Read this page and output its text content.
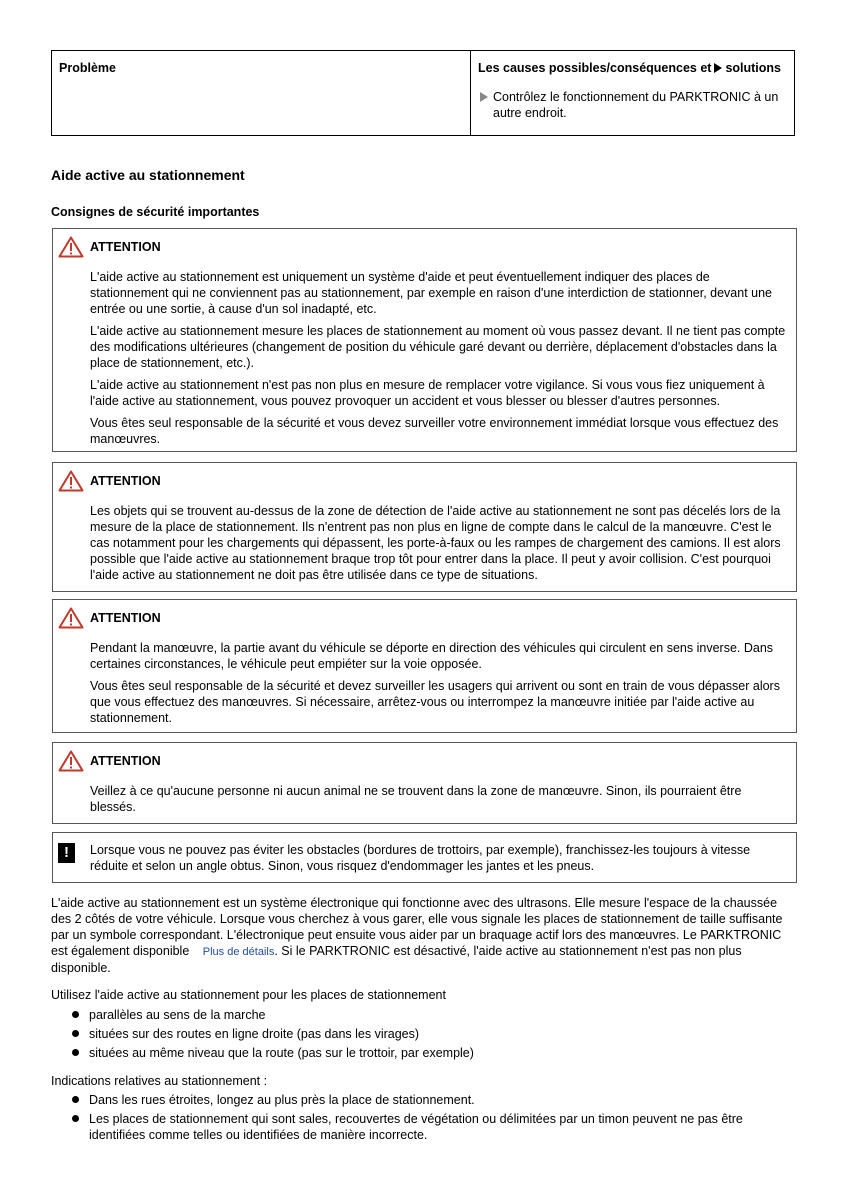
Problème	Les causes possibles/conséquences et solutions
Contrôlez le fonctionnement du PARKTRONIC à un autre endroit.
Aide active au stationnement
Consignes de sécurité importantes
ATTENTION

L'aide active au stationnement est uniquement un système d'aide et peut éventuellement indiquer des places de stationnement qui ne conviennent pas au stationnement, par exemple en raison d'une interdiction de stationner, devant une entrée ou une sortie, à cause d'un sol inadapté, etc.

L'aide active au stationnement mesure les places de stationnement au moment où vous passez devant. Il ne tient pas compte des modifications ultérieures (changement de position du véhicule garé devant ou derrière, déplacement d'obstacles dans la place de stationnement, etc.).

L'aide active au stationnement n'est pas non plus en mesure de remplacer votre vigilance. Si vous vous fiez uniquement à l'aide active au stationnement, vous pouvez provoquer un accident et vous blesser ou blesser d'autres personnes.

Vous êtes seul responsable de la sécurité et vous devez surveiller votre environnement immédiat lorsque vous effectuez des manœuvres.

ATTENTION

Les objets qui se trouvent au-dessus de la zone de détection de l'aide active au stationnement ne sont pas décelés lors de la mesure de la place de stationnement. Ils n'entrent pas non plus en ligne de compte dans le calcul de la manœuvre. C'est le cas notamment pour les chargements qui dépassent, les porte-à-faux ou les rampes de chargement des camions. Il est alors possible que l'aide active au stationnement braque trop tôt pour entrer dans la place. Il peut y avoir collision. C'est pourquoi l'aide active au stationnement ne doit pas être utilisée dans ce type de situations.

ATTENTION

Pendant la manœuvre, la partie avant du véhicule se déporte en direction des véhicules qui circulent en sens inverse. Dans certaines circonstances, le véhicule peut empiéter sur la voie opposée.

Vous êtes seul responsable de la sécurité et devez surveiller les usagers qui arrivent ou sont en train de vous dépasser alors que vous effectuez des manœuvres. Si nécessaire, arrêtez-vous ou interrompez la manœuvre initiée par l'aide active au stationnement.

ATTENTION

Veillez à ce qu'aucune personne ni aucun animal ne se trouvent dans la zone de manœuvre. Sinon, ils pourraient être blessés.

!	Lorsque vous ne pouvez pas éviter les obstacles (bordures de trottoirs, par exemple), franchissez-les toujours à vitesse réduite et selon un angle obtus. Sinon, vous risquez d'endommager les jantes et les pneus.
L'aide active au stationnement est un système électronique qui fonctionne avec des ultrasons. Elle mesure l'espace de la chaussée des 2 côtés de votre véhicule. Lorsque vous cherchez à vous garer, elle vous signale les places de stationnement de taille suffisante par un symbole correspondant. L'électronique peut ensuite vous aider par un braquage actif lors des manœuvres. Le PARKTRONIC est également disponible Plus de détails. Si le PARKTRONIC est désactivé, l'aide active au stationnement n'est pas non plus disponible.
Utilisez l'aide active au stationnement pour les places de stationnement
parallèles au sens de la marche
situées sur des routes en ligne droite (pas dans les virages)
situées au même niveau que la route (pas sur le trottoir, par exemple)
Indications relatives au stationnement :
Dans les rues étroites, longez au plus près la place de stationnement.
Les places de stationnement qui sont sales, recouvertes de végétation ou délimitées par un timon peuvent ne pas être identifiées comme telles ou identifiées de manière incorrecte.
